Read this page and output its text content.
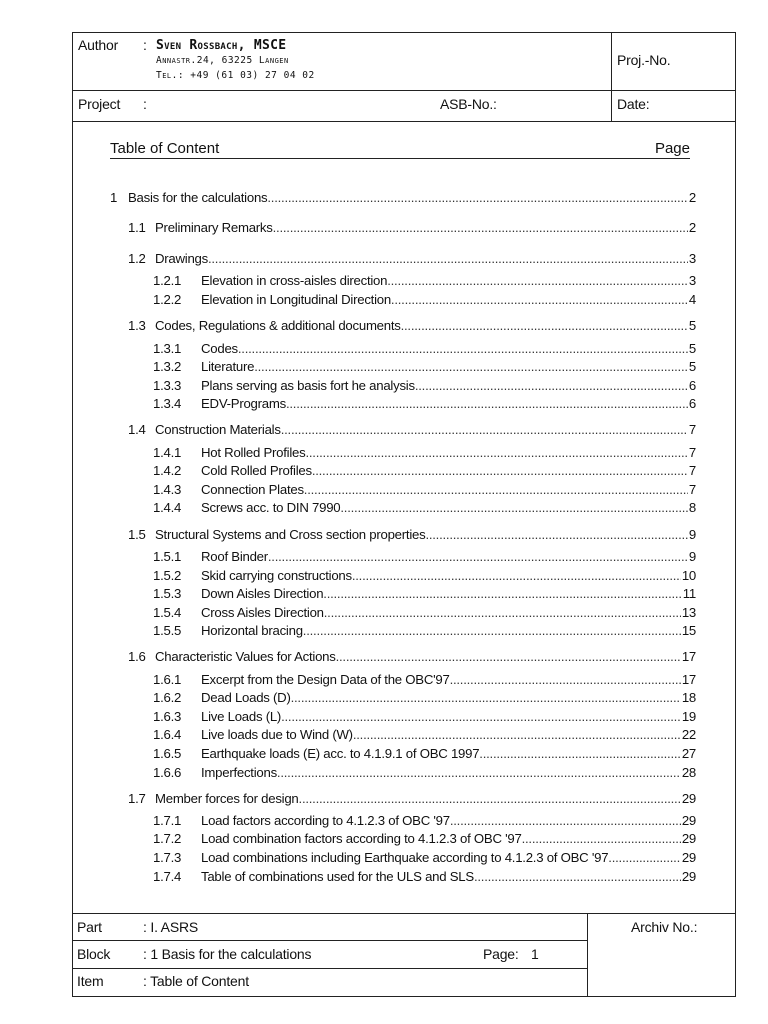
Author : Sven Rossbach, MSCE
Annastr.24, 63225 Langen
Tel.: +49 (61 03) 27 04 02
Proj.-No.
Project :	ASB-No.:	Date:
Table of Content	Page
1 Basis for the calculations .....	2
1.1 Preliminary Remarks .....	2
1.2 Drawings .....	3
1.2.1	Elevation in cross-aisles direction .....	3
1.2.2	Elevation in Longitudinal Direction .....	4
1.3 Codes, Regulations & additional documents .....	5
1.3.1	Codes .....	5
1.3.2	Literature .....	5
1.3.3	Plans serving as basis fort he analysis .....	6
1.3.4	EDV-Programs .....	6
1.4 Construction Materials .....	7
1.4.1	Hot Rolled Profiles .....	7
1.4.2	Cold Rolled Profiles .....	7
1.4.3	Connection Plates .....	7
1.4.4	Screws acc. to DIN 7990 .....	8
1.5 Structural Systems and Cross section properties .....	9
1.5.1	Roof Binder .....	9
1.5.2	Skid carrying constructions .....	10
1.5.3	Down Aisles Direction .....	11
1.5.4	Cross Aisles Direction .....	13
1.5.5	Horizontal bracing .....	15
1.6 Characteristic Values for Actions .....	17
1.6.1	Excerpt from the Design Data of the OBC'97 .....	17
1.6.2	Dead Loads (D) .....	18
1.6.3	Live Loads (L) .....	19
1.6.4	Live loads due to Wind (W) .....	22
1.6.5	Earthquake loads (E) acc. to 4.1.9.1 of OBC 1997 .....	27
1.6.6	Imperfections .....	28
1.7 Member forces for design .....	29
1.7.1	Load factors according to 4.1.2.3 of OBC '97 .....	29
1.7.2	Load combination factors according to 4.1.2.3 of OBC '97 .....	29
1.7.3	Load combinations including Earthquake according to 4.1.2.3 of OBC '97 .....	29
1.7.4	Table of combinations used for the ULS and SLS .....	29
Part	: I. ASRS	Archiv No.:
Block : 1 Basis for the calculations	Page: 1
Item	: Table of Content
